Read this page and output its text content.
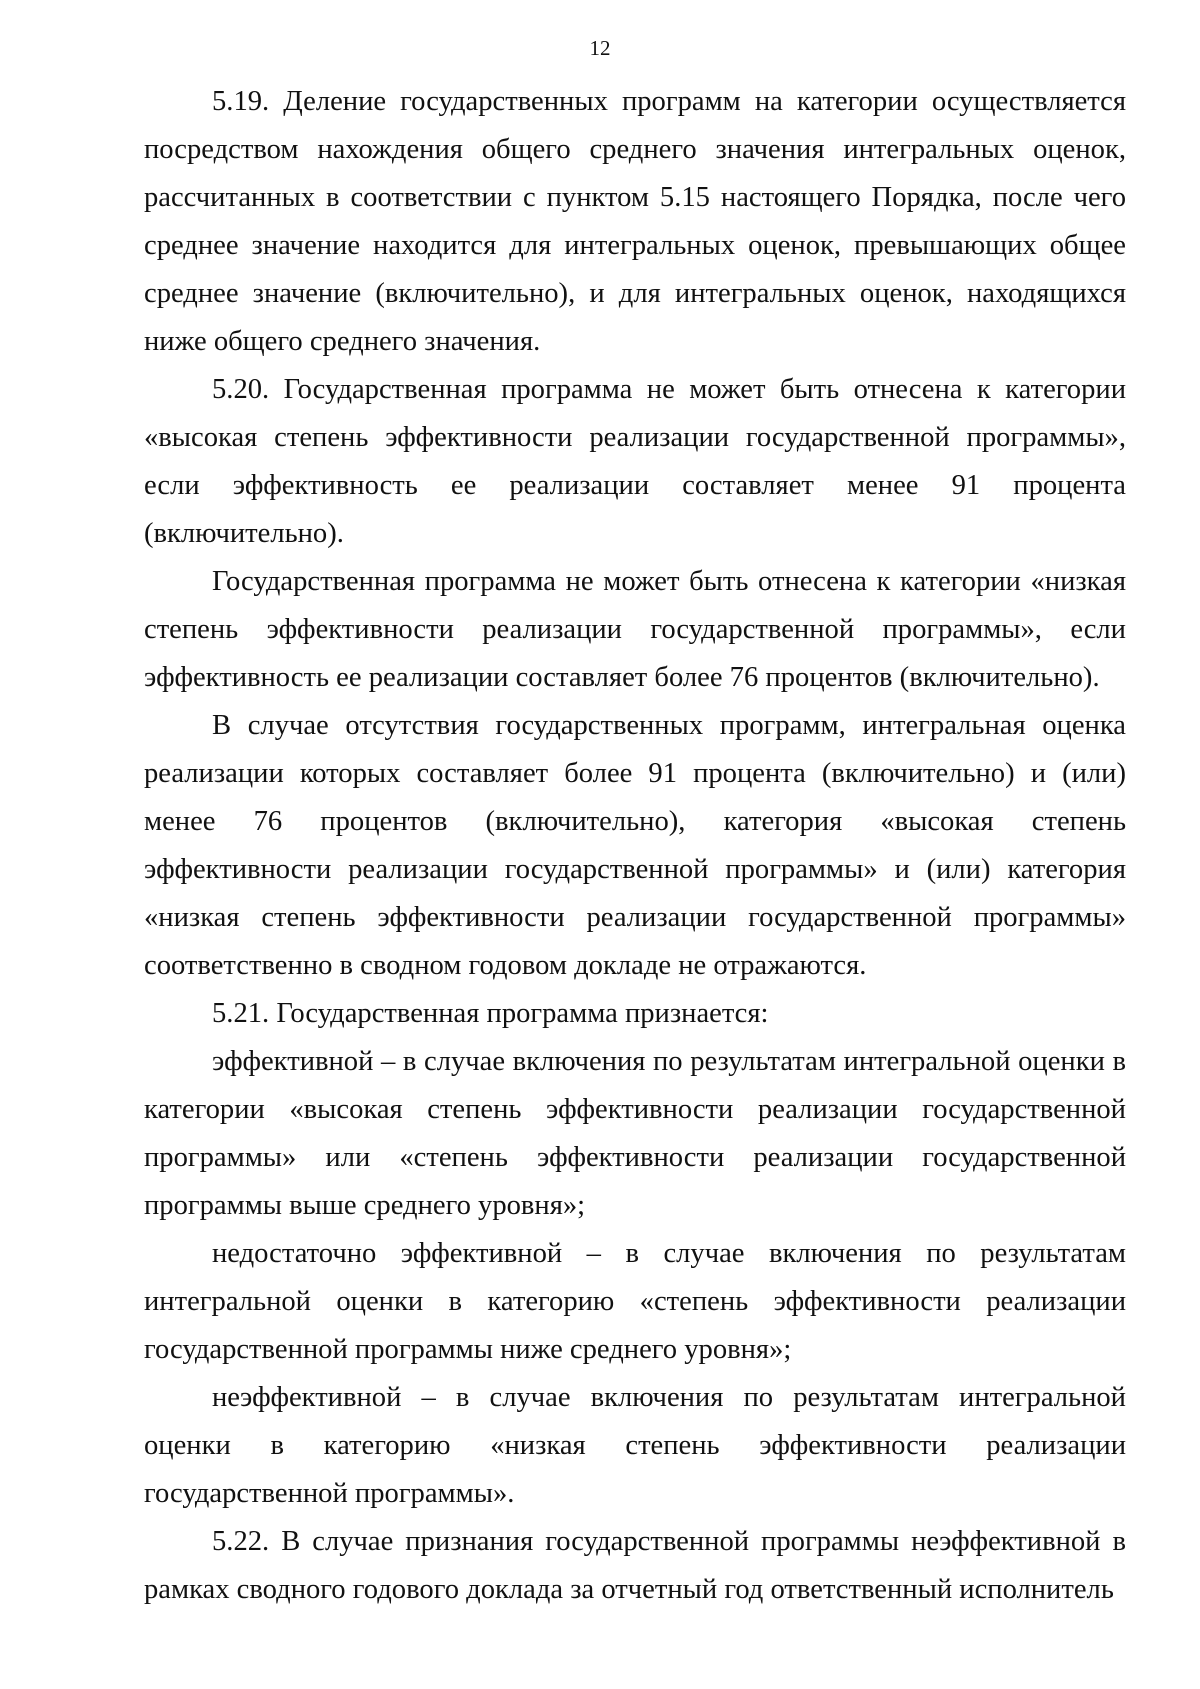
12

5.19. Деление государственных программ на категории осуществляется посредством нахождения общего среднего значения интегральных оценок, рассчитанных в соответствии с пунктом 5.15 настоящего Порядка, после чего среднее значение находится для интегральных оценок, превышающих общее среднее значение (включительно), и для интегральных оценок, находящихся ниже общего среднего значения.

5.20. Государственная программа не может быть отнесена к категории «высокая степень эффективности реализации государственной программы», если эффективность ее реализации составляет менее 91 процента (включительно).

Государственная программа не может быть отнесена к категории «низкая степень эффективности реализации государственной программы», если эффективность ее реализации составляет более 76 процентов (включительно).

В случае отсутствия государственных программ, интегральная оценка реализации которых составляет более 91 процента (включительно) и (или) менее 76 процентов (включительно), категория «высокая степень эффективности реализации государственной программы» и (или) категория «низкая степень эффективности реализации государственной программы» соответственно в сводном годовом докладе не отражаются.

5.21. Государственная программа признается:

эффективной – в случае включения по результатам интегральной оценки в категории «высокая степень эффективности реализации государственной программы» или «степень эффективности реализации государственной программы выше среднего уровня»;

недостаточно эффективной – в случае включения по результатам интегральной оценки в категорию «степень эффективности реализации государственной программы ниже среднего уровня»;

неэффективной – в случае включения по результатам интегральной оценки в категорию «низкая степень эффективности реализации государственной программы».

5.22. В случае признания государственной программы неэффективной в рамках сводного годового доклада за отчетный год ответственный исполнитель
